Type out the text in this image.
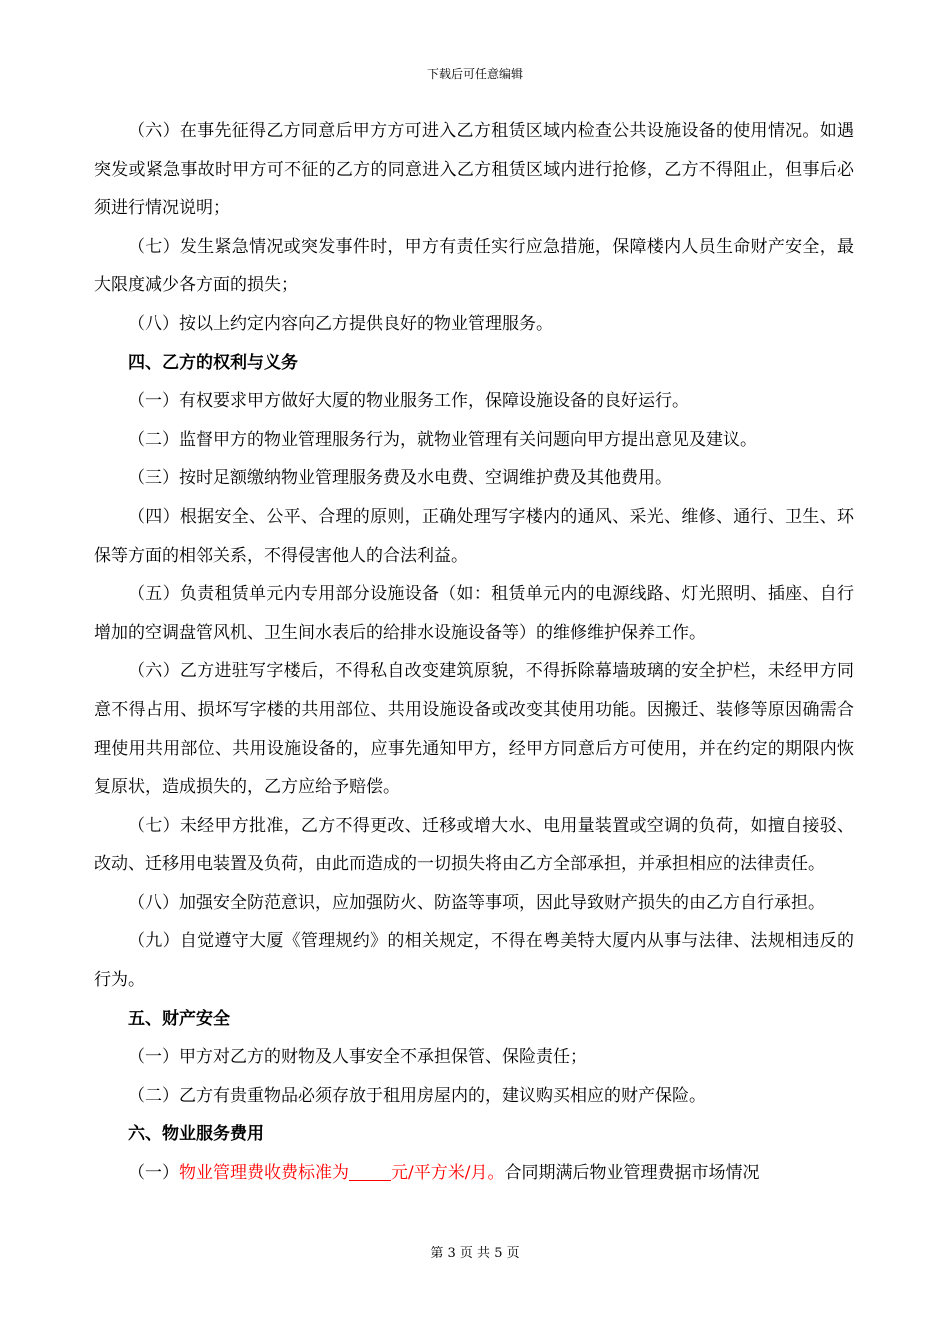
下载后可任意编辑

（六）在事先征得乙方同意后甲方方可进入乙方租赁区域内检查公共设施设备的使用情况。如遇突发或紧急事故时甲方可不征的乙方的同意进入乙方租赁区域内进行抢修，乙方不得阻止，但事后必须进行情况说明；

（七）发生紧急情况或突发事件时，甲方有责任实行应急措施，保障楼内人员生命财产安全，最大限度减少各方面的损失；

（八）按以上约定内容向乙方提供良好的物业管理服务。

四、乙方的权利与义务

（一）有权要求甲方做好大厦的物业服务工作，保障设施设备的良好运行。

（二）监督甲方的物业管理服务行为，就物业管理有关问题向甲方提出意见及建议。

（三）按时足额缴纳物业管理服务费及水电费、空调维护费及其他费用。

（四）根据安全、公平、合理的原则，正确处理写字楼内的通风、采光、维修、通行、卫生、环保等方面的相邻关系，不得侵害他人的合法利益。

（五）负责租赁单元内专用部分设施设备（如：租赁单元内的电源线路、灯光照明、插座、自行增加的空调盘管风机、卫生间水表后的给排水设施设备等）的维修维护保养工作。

（六）乙方进驻写字楼后，不得私自改变建筑原貌，不得拆除幕墙玻璃的安全护栏，未经甲方同意不得占用、损坏写字楼的共用部位、共用设施设备或改变其使用功能。因搬迁、装修等原因确需合理使用共用部位、共用设施设备的，应事先通知甲方，经甲方同意后方可使用，并在约定的期限内恢复原状，造成损失的，乙方应给予赔偿。

（七）未经甲方批准，乙方不得更改、迁移或增大水、电用量装置或空调的负荷，如擅自接驳、改动、迁移用电装置及负荷，由此而造成的一切损失将由乙方全部承担，并承担相应的法律责任。

（八）加强安全防范意识，应加强防火、防盗等事项，因此导致财产损失的由乙方自行承担。

（九）自觉遵守大厦《管理规约》的相关规定，不得在粤美特大厦内从事与法律、法规相违反的行为。

五、财产安全

（一）甲方对乙方的财物及人事安全不承担保管、保险责任；

（二）乙方有贵重物品必须存放于租用房屋内的，建议购买相应的财产保险。

六、物业服务费用

（一）物业管理费收费标准为 元/平方米/月。合同期满后物业管理费据市场情况

第 3 页 共 5 页
